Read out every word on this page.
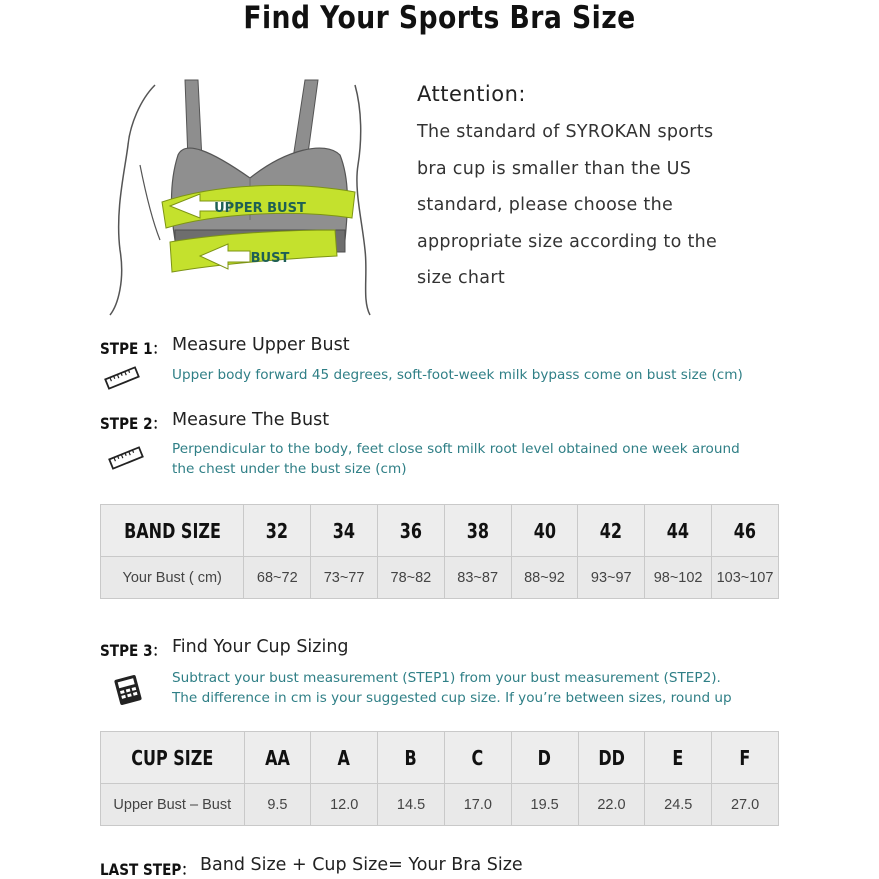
Find Your Sports Bra Size
UPPER BUST
BUST
Attention:

The standard of SYROKAN sports
bra cup is smaller than the US
standard, please choose the
appropriate size according to the
size chart

STPE 1： Measure Upper Bust
Upper body forward 45 degrees, soft-foot-week milk bypass come on bust size (cm)
STPE 2： Measure The Bust
Perpendicular to the body, feet close soft milk root level obtained one week around
the chest under the bust size (cm)
BAND SIZE	32	34	36	38	40	42	44	46
Your Bust ( cm)	68~72	73~77	78~82	83~87	88~92	93~97	98~102	103~107
STPE 3： Find Your Cup Sizing
Subtract your bust measurement (STEP1) from your bust measurement (STEP2).
The difference in cm is your suggested cup size. If you’re between sizes, round up
CUP SIZE	AA	A	B	C	D	DD	E	F
Upper Bust – Bust	9.5	12.0	14.5	17.0	19.5	22.0	24.5	27.0
LAST STEP： Band Size + Cup Size= Your Bra Size
